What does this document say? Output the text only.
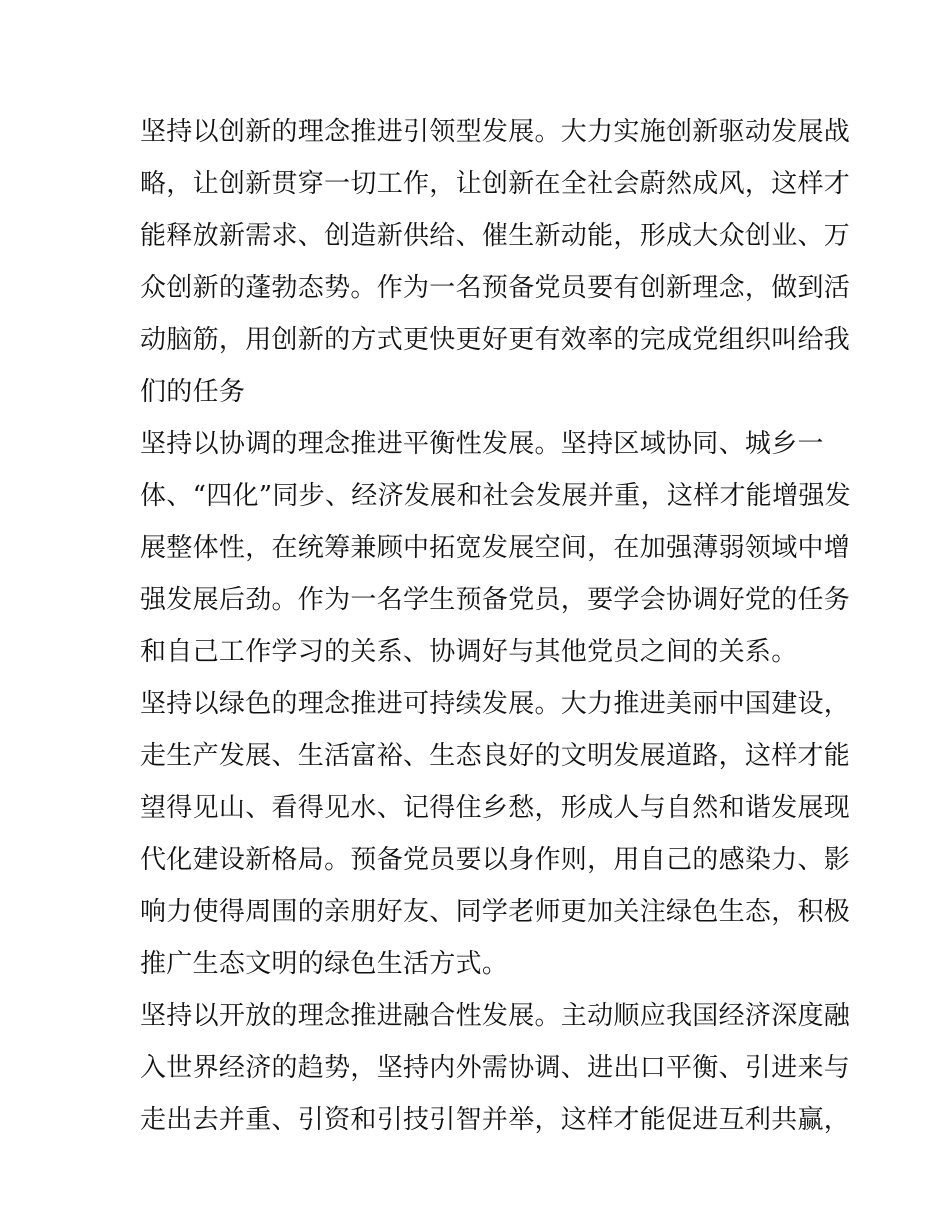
坚持以创新的理念推进引领型发展。大力实施创新驱动发展战
略，让创新贯穿一切工作，让创新在全社会蔚然成风，这样才
能释放新需求、创造新供给、催生新动能，形成大众创业、万
众创新的蓬勃态势。作为一名预备党员要有创新理念，做到活
动脑筋，用创新的方式更快更好更有效率的完成党组织叫给我
们的任务
坚持以协调的理念推进平衡性发展。坚持区域协同、城乡一
体、“四化”同步、经济发展和社会发展并重，这样才能增强发
展整体性，在统筹兼顾中拓宽发展空间，在加强薄弱领域中增
强发展后劲。作为一名学生预备党员，要学会协调好党的任务
和自己工作学习的关系、协调好与其他党员之间的关系。
坚持以绿色的理念推进可持续发展。大力推进美丽中国建设，
走生产发展、生活富裕、生态良好的文明发展道路，这样才能
望得见山、看得见水、记得住乡愁，形成人与自然和谐发展现
代化建设新格局。预备党员要以身作则，用自己的感染力、影
响力使得周围的亲朋好友、同学老师更加关注绿色生态，积极
推广生态文明的绿色生活方式。
坚持以开放的理念推进融合性发展。主动顺应我国经济深度融
入世界经济的趋势，坚持内外需协调、进出口平衡、引进来与
走出去并重、引资和引技引智并举，这样才能促进互利共赢，
